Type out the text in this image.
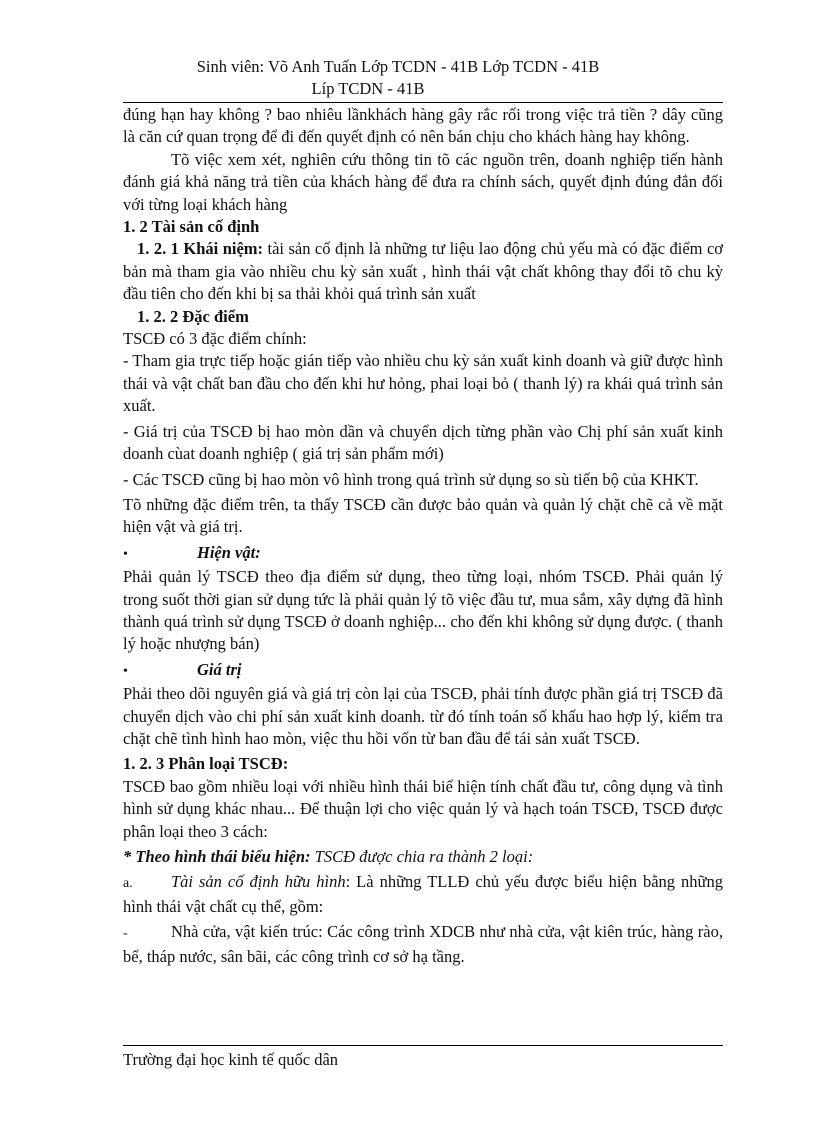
Sinh viên: Võ Anh Tuấn Lớp TCDN - 41B Lớp TCDN - 41B
Líp TCDN - 41B

đúng hạn hay không ? bao nhiêu lầnkhách hàng gây rắc rối trong việc trả tiền ? dây cũng là căn cứ quan trọng để đi đến quyết định có nên bán chịu cho khách hàng hay không.

Tõ việc xem xét, nghiên cứu thông tin tõ các nguồn trên, doanh nghiệp tiến hành đánh giá khả năng trả tiền của khách hàng để đưa ra chính sách, quyết định đúng đắn đối với từng loại khách hàng

1. 2 Tài sản cố định

1. 2. 1 Khái niệm: tài sản cố định là những tư liệu lao động chủ yếu mà có đặc điểm cơ bản mà tham gia vào nhiều chu kỳ sản xuất , hình thái vật chất không thay đổi tõ chu kỳ đầu tiên cho đến khi bị sa thải khỏi quá trình sản xuất

1. 2. 2 Đặc điểm

TSCĐ có 3 đặc điểm chính:

- Tham gia trực tiếp hoặc gián tiếp vào nhiều chu kỳ sản xuất kinh doanh và giữ được hình thái và vật chất ban đầu cho đến khi hư hỏng, phai loại bỏ ( thanh lý) ra khái quá trình sản xuất.

- Giá trị của TSCĐ bị hao mòn dần và chuyển dịch từng phần vào Chị phí sản xuất kinh doanh cùat doanh nghiệp ( giá trị sản phẩm mới)

- Các TSCĐ cũng bị hao mòn vô hình trong quá trình sử dụng so sù tiến bộ của KHKT.

Tõ những đặc điểm trên, ta thấy TSCĐ cần được bảo quản và quản lý chặt chẽ cả về mặt hiện vật và giá trị.

•	Hiện vật:

Phải quản lý TSCĐ theo địa điểm sử dụng, theo từng loại, nhóm TSCĐ. Phải quản lý trong suốt thời gian sử dụng tức là phải quản lý tõ việc đầu tư, mua sắm, xây dựng đã hình thành quá trình sử dụng TSCĐ ở doanh nghiệp... cho đến khi không sử dụng được. ( thanh lý hoặc nhượng bán)

•	Giá trị

Phải theo dõi nguyên giá và giá trị còn lại của TSCĐ, phải tính được phần giá trị TSCĐ đã chuyển dịch vào chi phí sản xuất kinh doanh. từ đó tính toán số khấu hao hợp lý, kiểm tra chặt chẽ tình hình hao mòn, việc thu hồi vốn từ ban đầu để tái sản xuất TSCĐ.

1. 2. 3 Phân loại TSCĐ:

TSCĐ bao gồm nhiều loại với nhiều hình thái biể hiện tính chất đầu tư, công dụng và tình hình sử dụng khác nhau... Để thuận lợi cho việc quản lý và hạch toán TSCĐ, TSCĐ được phân loại theo 3 cách:

* Theo hình thái biểu hiện: TSCĐ được chia ra thành 2 loại:

a. Tài sản cố định hữu hình: Là những TLLĐ chủ yếu được biểu hiện bằng những hình thái vật chất cụ thể, gồm:

-	Nhà cửa, vật kiến trúc: Các công trình XDCB như nhà cửa, vật kiên trúc, hàng rào, bể, tháp nước, sân bãi, các công trình cơ sở hạ tầng.

Trường đại học kinh tế quốc dân
